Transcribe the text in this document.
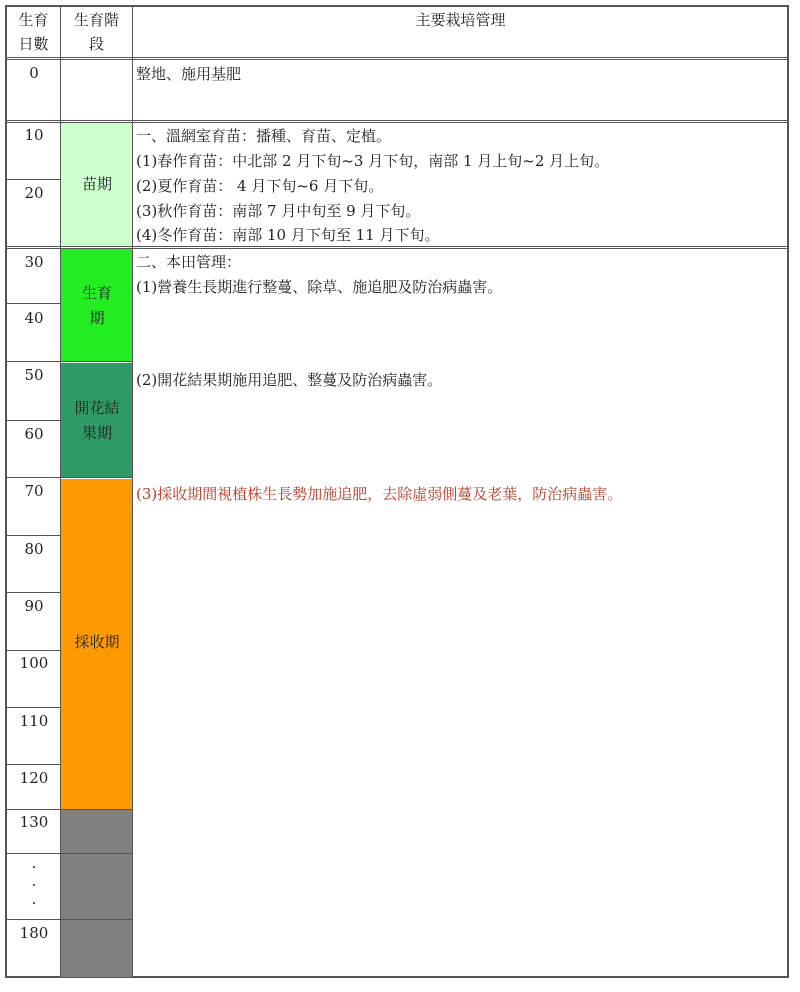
生育
日數
生育階
段
主要栽培管理
0
10
20
30
40
50
60
70
80
90
100
110
120
130
·
·
·
180
苗期
生育
期
開花結
果期
採收期
整地、施用基肥
一、溫網室育苗：播種、育苗、定植。
(1)春作育苗：中北部 2 月下旬~3 月下旬，南部 1 月上旬~2 月上旬。
(2)夏作育苗： 4 月下旬~6 月下旬。
(3)秋作育苗：南部 7 月中旬至 9 月下旬。
(4)冬作育苗：南部 10 月下旬至 11 月下旬。
二、本田管理：
(1)營養生長期進行整蔓、除草、施追肥及防治病蟲害。
(2)開花結果期施用追肥、整蔓及防治病蟲害。
(3)採收期間視植株生長勢加施追肥，去除虛弱側蔓及老葉，防治病蟲害。
